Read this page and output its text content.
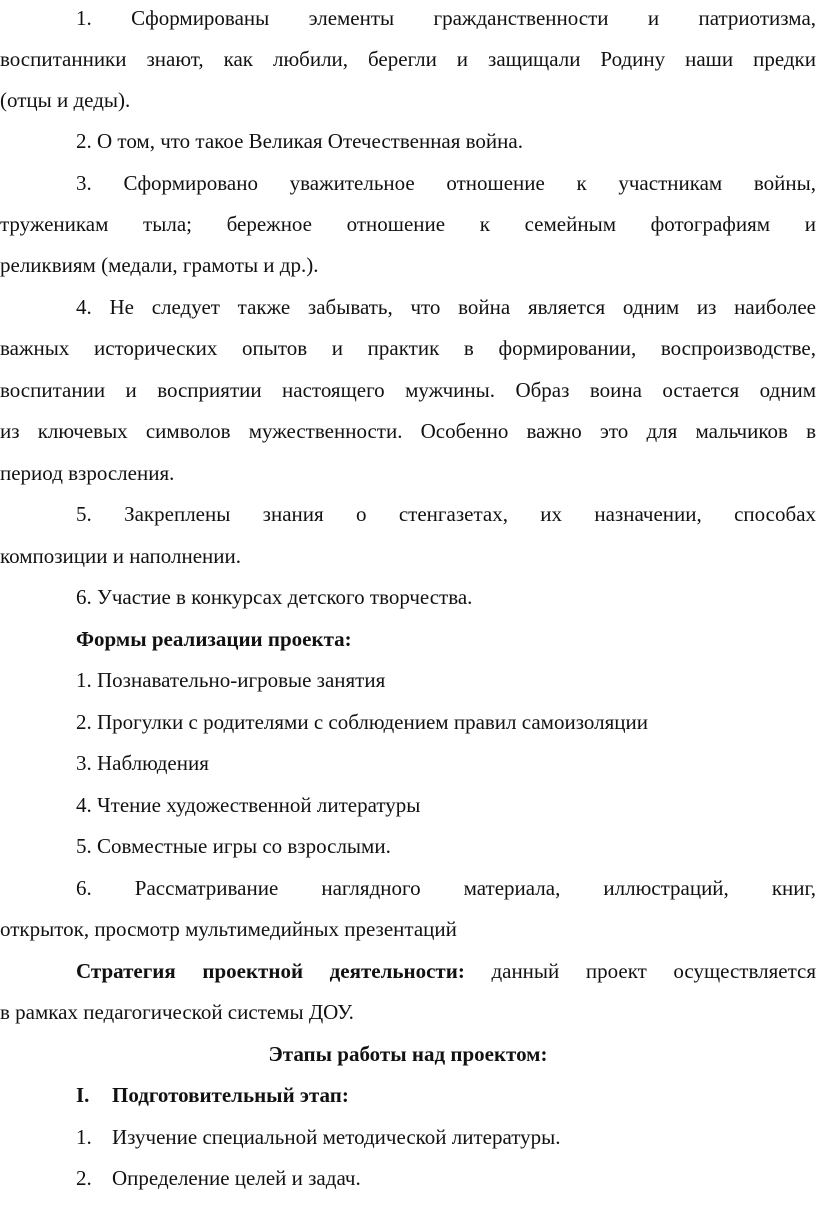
1. Сформированы элементы гражданственности и патриотизма,
воспитанники знают, как любили, берегли и защищали Родину наши предки
(отцы и деды).
2. О том, что такое Великая Отечественная война.
3. Сформировано уважительное отношение к участникам войны,
труженикам тыла; бережное отношение к семейным фотографиям и
реликвиям (медали, грамоты и др.).
4. Не следует также забывать, что война является одним из наиболее
важных исторических опытов и практик в формировании, воспроизводстве,
воспитании и восприятии настоящего мужчины. Образ воина остается одним
из ключевых символов мужественности. Особенно важно это для мальчиков в
период взросления.
5. Закреплены знания о стенгазетах, их назначении, способах
композиции и наполнении.
6. Участие в конкурсах детского творчества.
Формы реализации проекта:
1. Познавательно-игровые занятия
2. Прогулки с родителями с соблюдением правил самоизоляции
3. Наблюдения
4. Чтение художественной литературы
5. Совместные игры со взрослыми.
6. Рассматривание наглядного материала, иллюстраций, книг,
открыток, просмотр мультимедийных презентаций
Стратегия проектной деятельности: данный проект осуществляется
в рамках педагогической системы ДОУ.
Этапы работы над проектом:
I. Подготовительный этап:
1. Изучение специальной методической литературы.
2. Определение целей и задач.
